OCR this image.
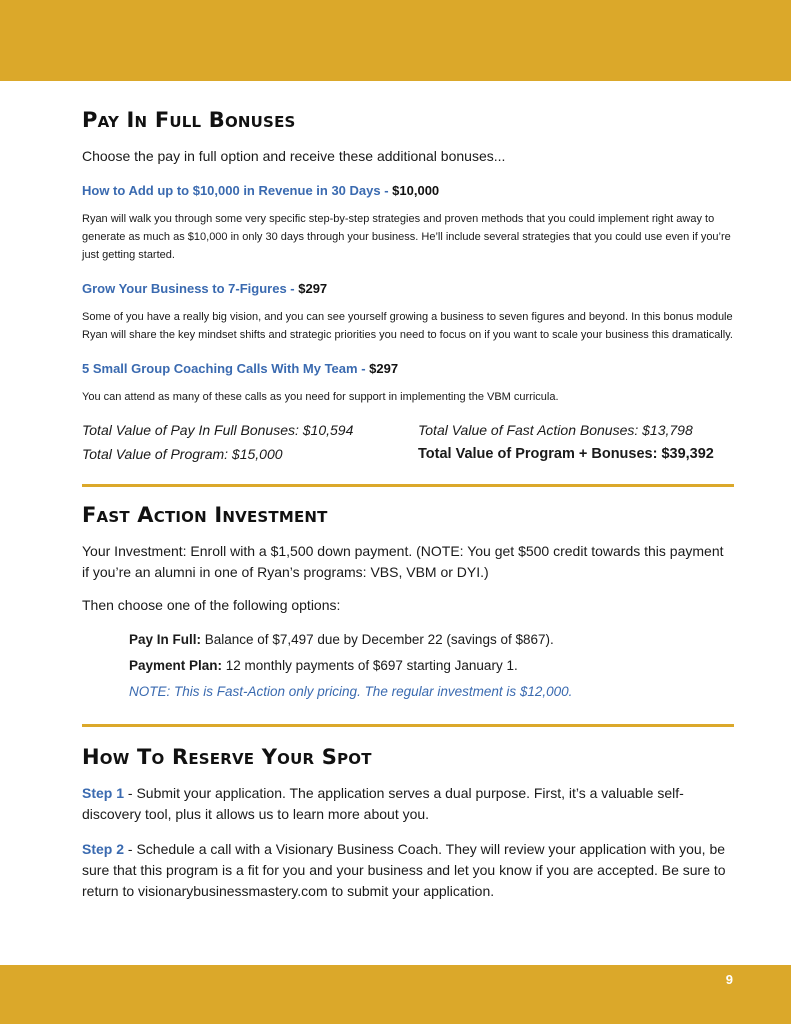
Pay In Full Bonuses

Choose the pay in full option and receive these additional bonuses...

How to Add up to $10,000 in Revenue in 30 Days - $10,000

Ryan will walk you through some very specific step-by-step strategies and proven methods that you could implement right away to generate as much as $10,000 in only 30 days through your business. He’ll include several strategies that you could use even if you’re just getting started.

Grow Your Business to 7-Figures - $297

Some of you have a really big vision, and you can see yourself growing a business to seven figures and beyond. In this bonus module Ryan will share the key mindset shifts and strategic priorities you need to focus on if you want to scale your business this dramatically.

5 Small Group Coaching Calls With My Team - $297

You can attend as many of these calls as you need for support in implementing the VBM curricula.

Total Value of Pay In Full Bonuses: $10,594	Total Value of Fast Action Bonuses: $13,798
Total Value of Program: $15,000	Total Value of Program + Bonuses: $39,392
Fast Action Investment

Your Investment: Enroll with a $1,500 down payment. (NOTE: You get $500 credit towards this payment if you’re an alumni in one of Ryan’s programs: VBS, VBM or DYI.)

Then choose one of the following options:

Pay In Full: Balance of $7,497 due by December 22 (savings of $867).

Payment Plan: 12 monthly payments of $697 starting January 1.

NOTE: This is Fast-Action only pricing. The regular investment is $12,000.

How To Reserve Your Spot

Step 1 - Submit your application. The application serves a dual purpose. First, it’s a valuable self-discovery tool, plus it allows us to learn more about you.

Step 2 - Schedule a call with a Visionary Business Coach. They will review your application with you, be sure that this program is a fit for you and your business and let you know if you are accepted. Be sure to return to visionarybusinessmastery.com to submit your application.

9
